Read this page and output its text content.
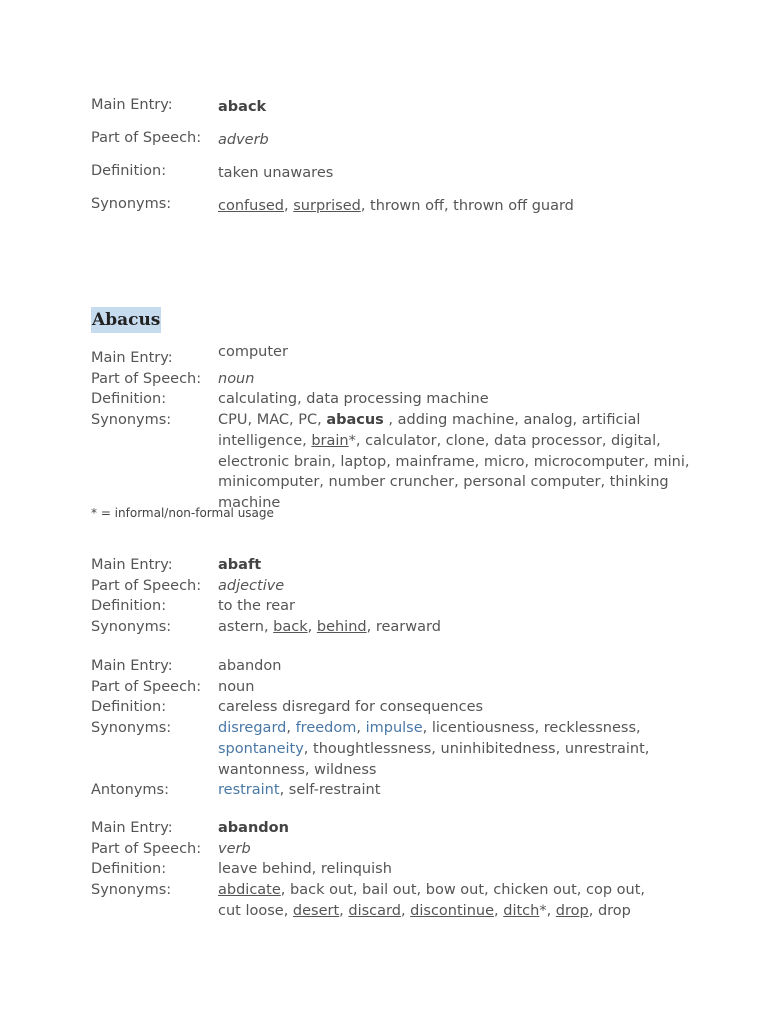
Main Entry:	aback
Part of Speech:	adverb
Definition:	taken unawares
Synonyms:	confused, surprised, thrown off, thrown off guard
Abacus
Main Entry:	computer
Part of Speech:	noun
Definition:	calculating, data processing machine
Synonyms:	CPU, MAC, PC, abacus , adding machine, analog, artificial intelligence, brain*, calculator, clone, data processor, digital, electronic brain, laptop, mainframe, micro, microcomputer, mini, minicomputer, number cruncher, personal computer, thinking machine
* = informal/non-formal usage
Main Entry:	abaft
Part of Speech:	adjective
Definition:	to the rear
Synonyms:	astern, back, behind, rearward
Main Entry:	abandon
Part of Speech:	noun
Definition:	careless disregard for consequences
Synonyms:	disregard, freedom, impulse, licentiousness, recklessness, spontaneity, thoughtlessness, uninhibitedness, unrestraint, wantonness, wildness
Antonyms:	restraint, self-restraint
Main Entry:	abandon
Part of Speech:	verb
Definition:	leave behind, relinquish
Synonyms:	abdicate, back out, bail out, bow out, chicken out, cop out, cut loose, desert, discard, discontinue, ditch*, drop, drop
